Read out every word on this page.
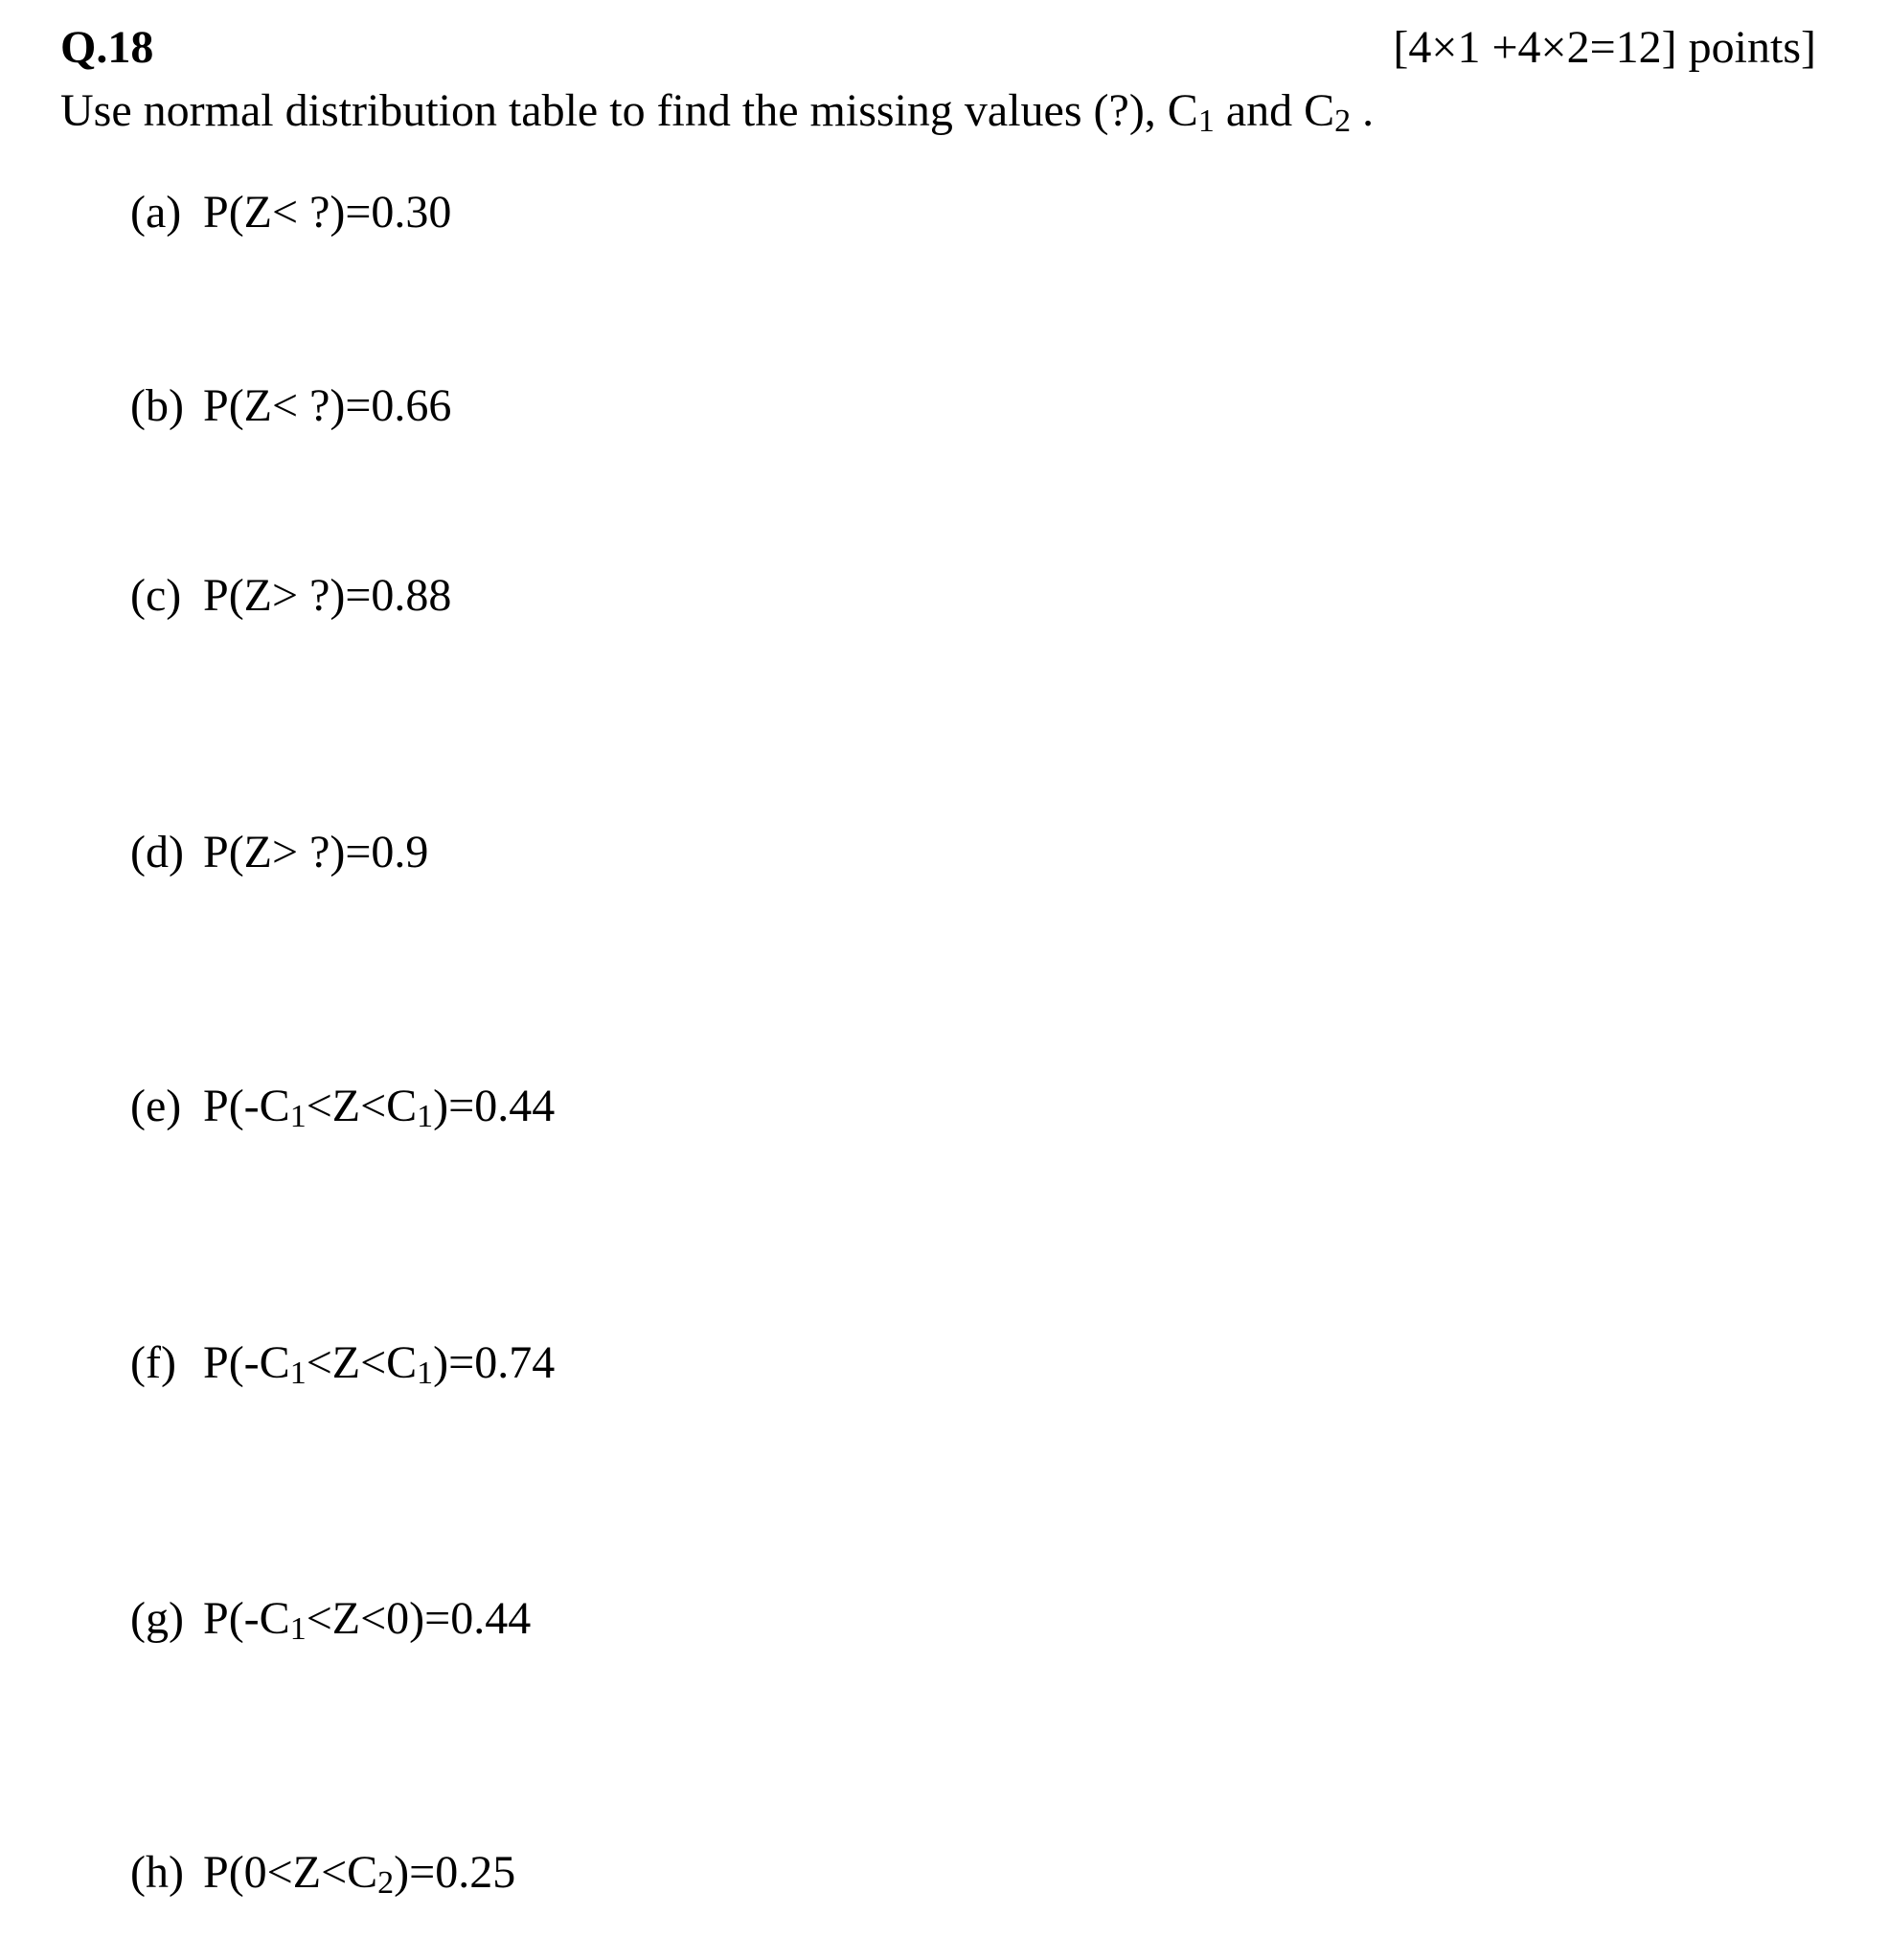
Q.18	[4×1 +4×2=12] points]
Use normal distribution table to find the missing values (?), $C_1$ and $C_2$ .
(a) P(Z< ?)=0.30
(b) P(Z< ?)=0.66
(c) P(Z> ?)=0.88
(d) P(Z> ?)=0.9
(e) $P(-C_1<Z<C_1)=0.44$
(f) $P(-C_1<Z<C_1)=0.74$
(g) $P(-C_1<Z<0)=0.44$
(h) $P(0<Z<C_2)=0.25$
